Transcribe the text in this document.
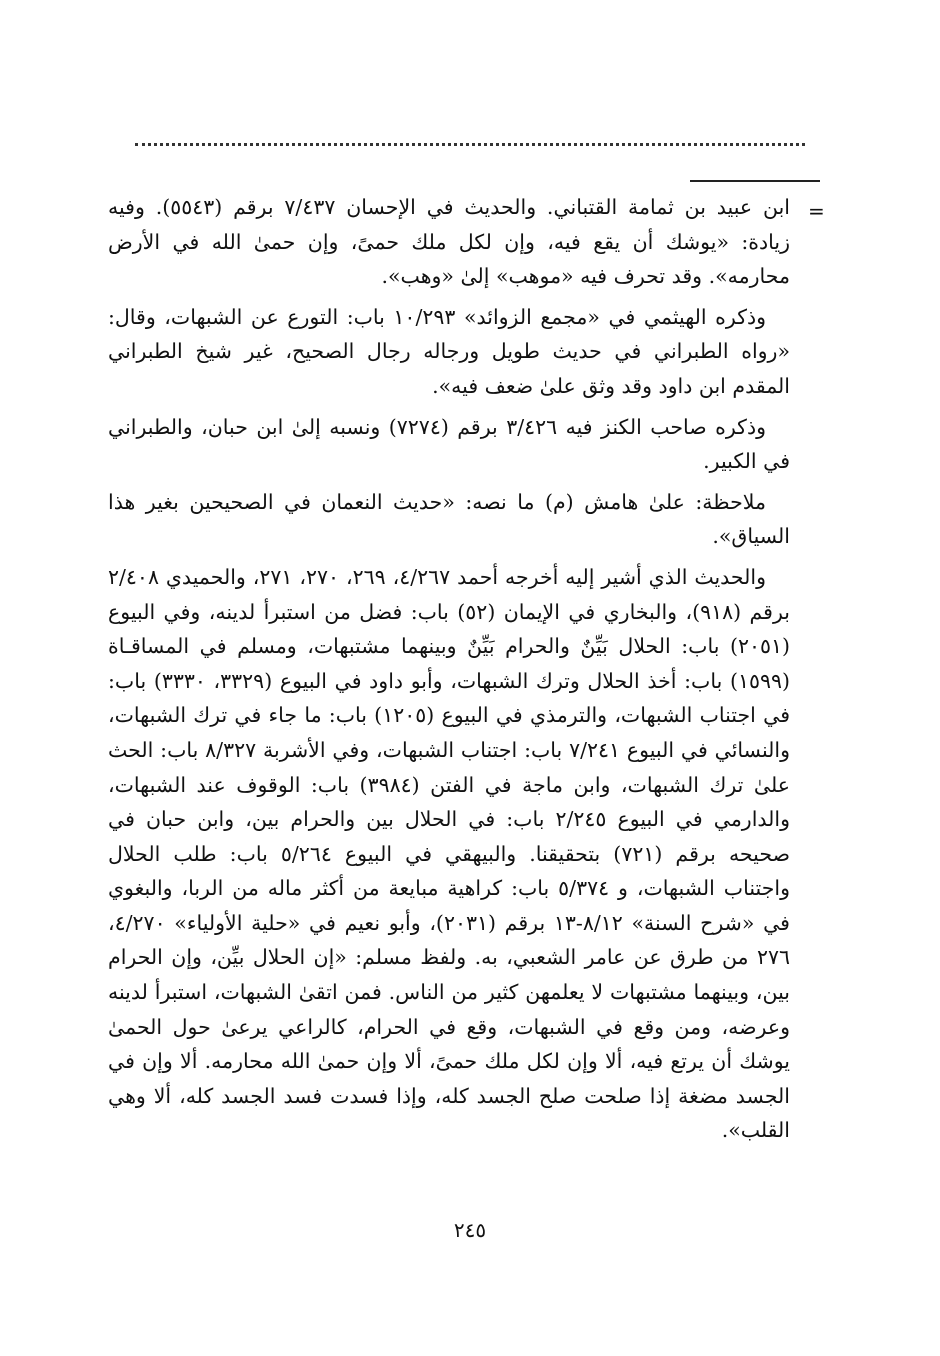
=

ابن عبيد بن ثمامة القتباني. والحديث في الإحسان ٧/٤٣٧ برقم (٥٥٤٣). وفيه زيادة: «يوشك أن يقع فيه، وإن لكل ملك حمىً، وإن حمىٰ الله في الأرض محارمه». وقد تحرف فيه «موهب» إلىٰ «وهب».

وذكره الهيثمي في «مجمع الزوائد» ١٠/٢٩٣ باب: التورع عن الشبهات، وقال: «رواه الطبراني في حديث طويل ورجاله رجال الصحيح، غير شيخ الطبراني المقدم ابن داود وقد وثق علىٰ ضعف فيه».

وذكره صاحب الكنز فيه ٣/٤٢٦ برقم (٧٢٧٤) ونسبه إلىٰ ابن حبان، والطبراني في الكبير.

ملاحظة: علىٰ هامش (م) ما نصه: «حديث النعمان في الصحيحين بغير هذا السياق».

والحديث الذي أشير إليه أخرجه أحمد ٤/٢٦٧، ٢٦٩، ٢٧٠، ٢٧١، والحميدي ٢/٤٠٨ برقم (٩١٨)، والبخاري في الإيمان (٥٢) باب: فضل من استبرأ لدينه، وفي البيوع (٢٠٥١) باب: الحلال بَيِّنٌ والحرام بَيِّنٌ وبينهما مشتبهات، ومسلم في المساقـاة (١٥٩٩) باب: أخذ الحلال وترك الشبهات، وأبو داود في البيوع (٣٣٢٩، ٣٣٣٠) باب: في اجتناب الشبهات، والترمذي في البيوع (١٢٠٥) باب: ما جاء في ترك الشبهات، والنسائي في البيوع ٧/٢٤١ باب: اجتناب الشبهات، وفي الأشربة ٨/٣٢٧ باب: الحث علىٰ ترك الشبهات، وابن ماجة في الفتن (٣٩٨٤) باب: الوقوف عند الشبهات، والدارمي في البيوع ٢/٢٤٥ باب: في الحلال بين والحرام بين، وابن حبان في صحيحه برقم (٧٢١) بتحقيقنا. والبيهقي في البيوع ٥/٢٦٤ باب: طلب الحلال واجتناب الشبهات، و ٥/٣٧٤ باب: كراهية مبايعة من أكثر ماله من الربا، والبغوي في «شرح السنة» ٨/١٢-١٣ برقم (٢٠٣١)، وأبو نعيم في «حلية الأولياء» ٤/٢٧٠، ٢٧٦ من طرق عن عامر الشعبي، به. ولفظ مسلم: «إن الحلال بيِّن، وإن الحرام بين، وبينهما مشتبهات لا يعلمهن كثير من الناس. فمن اتقىٰ الشبهات، استبرأ لدينه وعرضه، ومن وقع في الشبهات، وقع في الحرام، كالراعي يرعىٰ حول الحمىٰ يوشك أن يرتع فيه، ألا وإن لكل ملك حمىً، ألا وإن حمىٰ الله محارمه. ألا وإن في الجسد مضغة إذا صلحت صلح الجسد كله، وإذا فسدت فسد الجسد كله، ألا وهي القلب».

٢٤٥
